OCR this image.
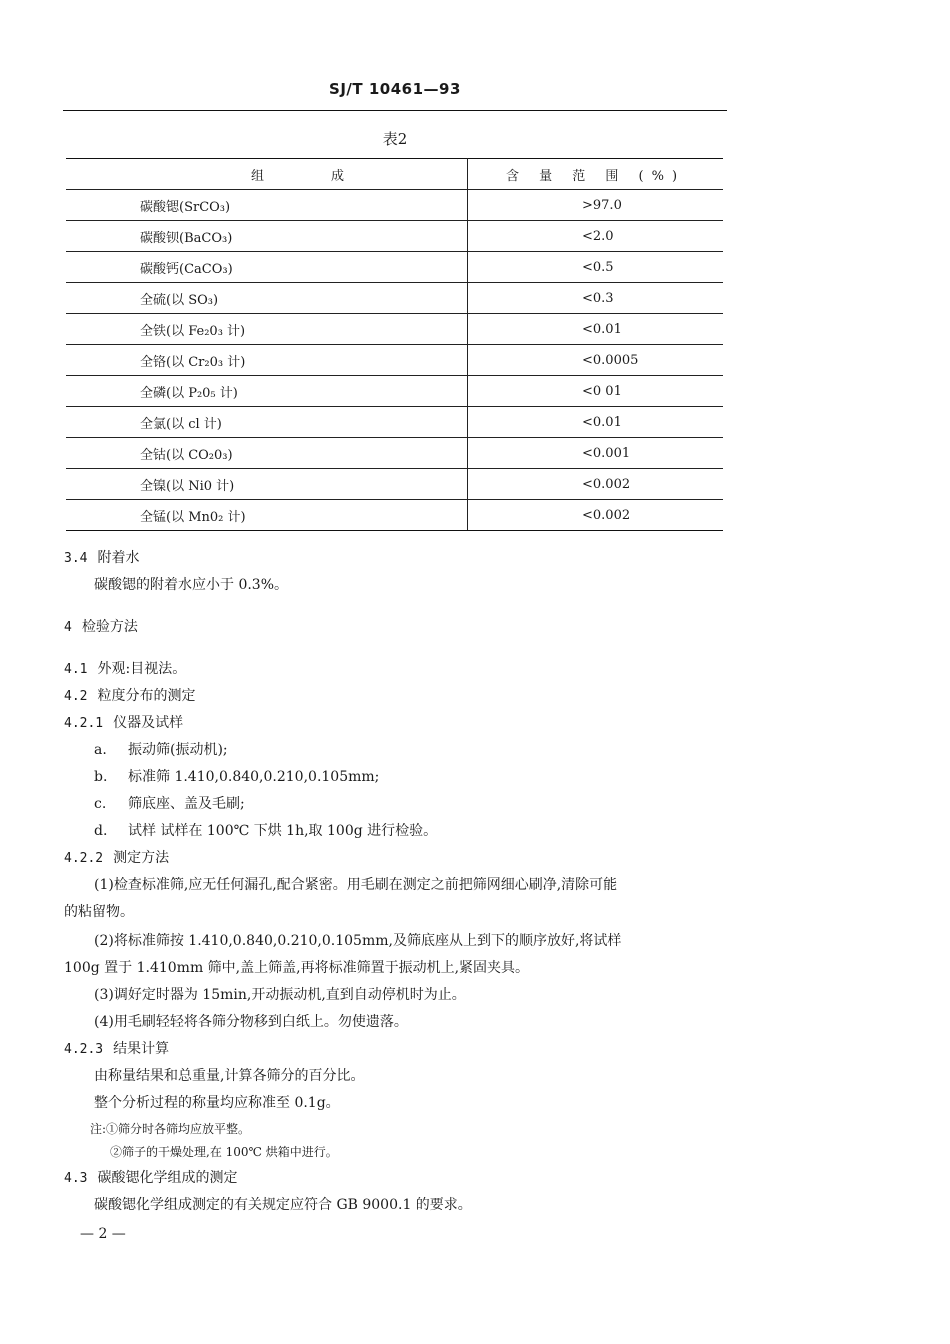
SJ/T 10461—93
表2
组 成	含 量 范 围 (%)
碳酸锶(SrCO₃)	>97.0
碳酸钡(BaCO₃)	<2.0
碳酸钙(CaCO₃)	<0.5
全硫(以 SO₃)	<0.3
全铁(以 Fe₂0₃ 计)	<0.01
全铬(以 Cr₂0₃ 计)	<0.0005
全磷(以 P₂0₅ 计)	<0 01
全氯(以 cl 计)	<0.01
全钴(以 CO₂0₃)	<0.001
全镍(以 Ni0 计)	<0.002
全锰(以 Mn0₂ 计)	<0.002
3.4 附着水
碳酸锶的附着水应小于 0.3%。
4 检验方法
4.1 外观:目视法。
4.2 粒度分布的测定
4.2.1 仪器及试样
a. 振动筛(振动机);
b. 标准筛 1.410,0.840,0.210,0.105mm;
c. 筛底座、盖及毛刷;
d. 试样 试样在 100℃ 下烘 1h,取 100g 进行检验。
4.2.2 测定方法
(1)检查标准筛,应无任何漏孔,配合紧密。用毛刷在测定之前把筛网细心刷净,清除可能
的粘留物。
(2)将标准筛按 1.410,0.840,0.210,0.105mm,及筛底座从上到下的顺序放好,将试样
100g 置于 1.410mm 筛中,盖上筛盖,再将标准筛置于振动机上,紧固夹具。
(3)调好定时器为 15min,开动振动机,直到自动停机时为止。
(4)用毛刷轻轻将各筛分物移到白纸上。勿使遗落。
4.2.3 结果计算
由称量结果和总重量,计算各筛分的百分比。
整个分析过程的称量均应称准至 0.1g。
注:①筛分时各筛均应放平整。
②筛子的干燥处理,在 100℃ 烘箱中进行。
4.3 碳酸锶化学组成的测定
碳酸锶化学组成测定的有关规定应符合 GB 9000.1 的要求。
— 2 —
